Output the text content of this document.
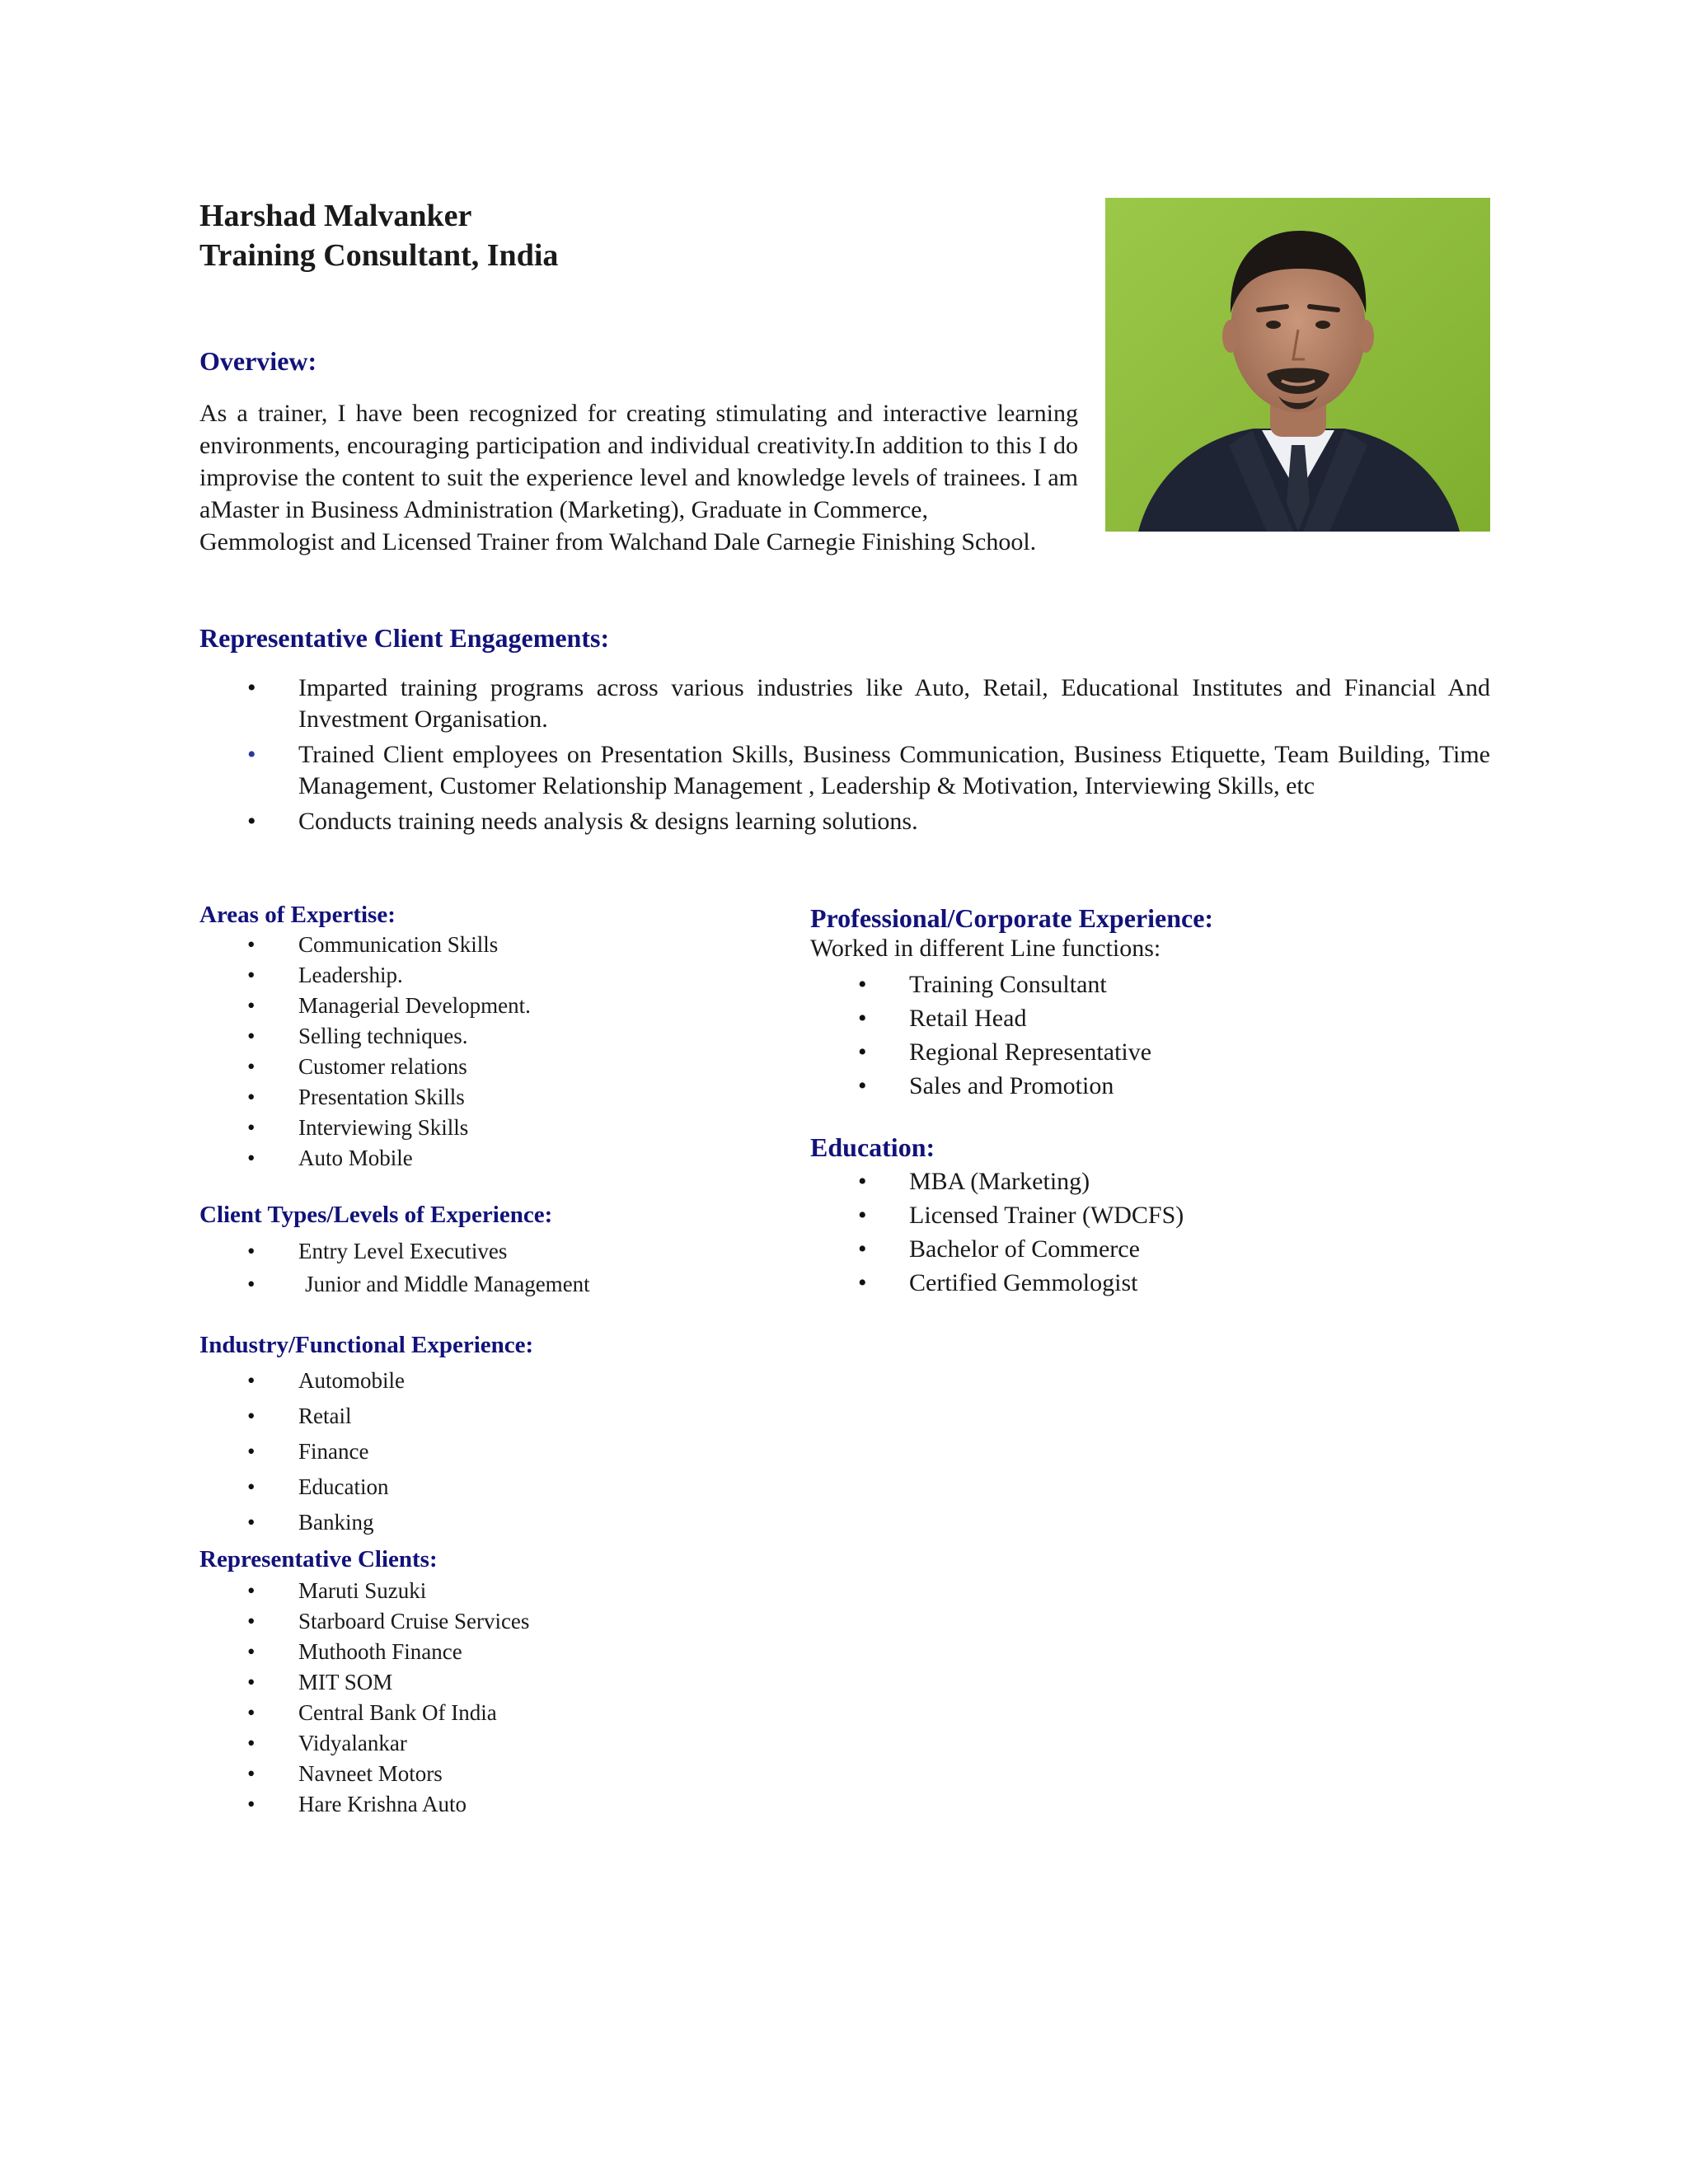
Harshad Malvanker
Training Consultant, India
Overview:
As a trainer, I have been recognized for creating stimulating and interactive learning environments, encouraging participation and individual creativity.In addition to this I do improvise the content to suit the experience level and knowledge levels of trainees. I am aMaster in Business Administration (Marketing), Graduate in Commerce,
Gemmologist and Licensed Trainer from Walchand Dale Carnegie Finishing School.
Representative Client Engagements:
• Imparted training programs across various industries like Auto, Retail, Educational Institutes and Financial And Investment Organisation.
• Trained Client employees on Presentation Skills, Business Communication, Business Etiquette, Team Building, Time Management, Customer Relationship Management , Leadership & Motivation, Interviewing Skills, etc
• Conducts training needs analysis & designs learning solutions.
Areas of Expertise:
• Communication Skills
• Leadership.
• Managerial Development.
• Selling techniques.
• Customer relations
• Presentation Skills
• Interviewing Skills
• Auto Mobile
Client Types/Levels of Experience:
• Entry Level Executives
• Junior and Middle Management
Industry/Functional Experience:
• Automobile
• Retail
• Finance
• Education
• Banking
Representative Clients:
• Maruti Suzuki
• Starboard Cruise Services
• Muthooth Finance
• MIT SOM
• Central Bank Of India
• Vidyalankar
• Navneet Motors
• Hare Krishna Auto
Professional/Corporate Experience:
Worked in different Line functions:
• Training Consultant
• Retail Head
• Regional Representative
• Sales and Promotion
Education:
• MBA (Marketing)
• Licensed Trainer (WDCFS)
• Bachelor of Commerce
• Certified Gemmologist
